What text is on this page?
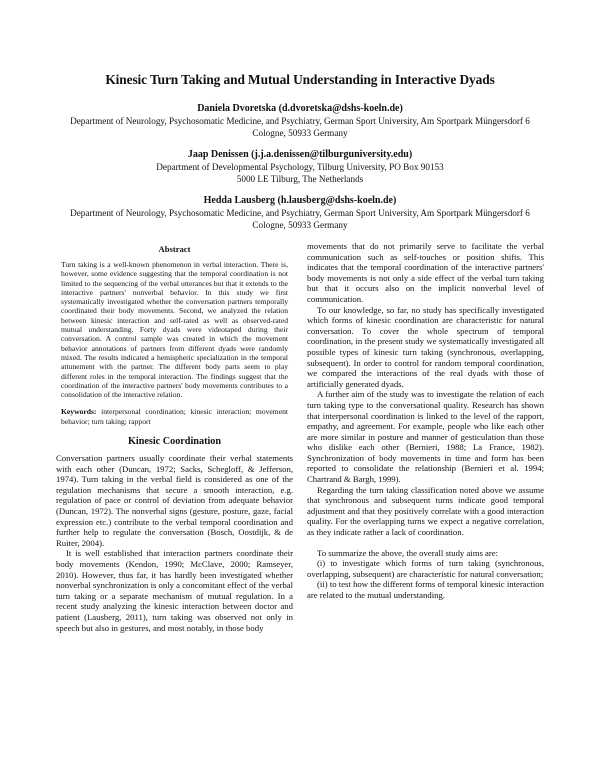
Kinesic Turn Taking and Mutual Understanding in Interactive Dyads
Daniela Dvoretska (d.dvoretska@dshs-koeln.de)
Department of Neurology, Psychosomatic Medicine, and Psychiatry, German Sport University, Am Sportpark Müngersdorf 6
Cologne, 50933 Germany
Jaap Denissen (j.j.a.denissen@tilburguniversity.edu)
Department of Developmental Psychology, Tilburg University, PO Box 90153
5000 LE Tilburg, The Netherlands
Hedda Lausberg (h.lausberg@dshs-koeln.de)
Department of Neurology, Psychosomatic Medicine, and Psychiatry, German Sport University, Am Sportpark Müngersdorf 6
Cologne, 50933 Germany
Abstract

Turn taking is a well-known phenomenon in verbal interaction. There is, however, some evidence suggesting that the temporal coordination is not limited to the sequencing of the verbal utterances but that it extends to the interactive partners' nonverbal behavior. In this study we first systematically investigated whether the conversation partners temporally coordinated their body movements. Second, we analyzed the relation between kinesic interaction and self-rated as well as observed-rated mutual understanding. Forty dyads were videotaped during their conversation. A control sample was created in which the movement behavior annotations of partners from different dyads were randomly mixed. The results indicated a hemispheric specialization in the temporal attunement with the partner. The different body parts seem to play different roles in the temporal interaction. The findings suggest that the coordination of the interactive partners' body movements contributes to a consolidation of the interactive relation.

Keywords: interpersonal coordination; kinesic interaction; movement behavior; turn taking; rapport

Kinesic Coordination

Conversation partners usually coordinate their verbal statements with each other (Duncan, 1972; Sacks, Schegloff, & Jefferson, 1974). Turn taking in the verbal field is considered as one of the regulation mechanisms that secure a smooth interaction, e.g. regulation of pace or control of deviation from adequate behavior (Duncan, 1972). The nonverbal signs (gesture, posture, gaze, facial expression etc.) contribute to the verbal temporal coordination and further help to regulate the conversation (Bosch, Oostdijk, & de Ruiter, 2004).

It is well established that interaction partners coordinate their body movements (Kendon, 1990; McClave, 2000; Ramseyer, 2010). However, thus far, it has hardly been investigated whether nonverbal synchronization is only a concomitant effect of the verbal turn taking or a separate mechanism of mutual regulation. In a recent study analyzing the kinesic interaction between doctor and patient (Lausberg, 2011), turn taking was observed not only in speech but also in gestures, and most notably, in those body

movements that do not primarily serve to facilitate the verbal communication such as self-touches or position shifts. This indicates that the temporal coordination of the interactive partners' body movements is not only a side effect of the verbal turn taking but that it occurs also on the implicit nonverbal level of communication.

To our knowledge, so far, no study has specifically investigated which forms of kinesic coordination are characteristic for natural conversation. To cover the whole spectrum of temporal coordination, in the present study we systematically investigated all possible types of kinesic turn taking (synchronous, overlapping, subsequent). In order to control for random temporal coordination, we compared the interactions of the real dyads with those of artificially generated dyads.

A further aim of the study was to investigate the relation of each turn taking type to the conversational quality. Research has shown that interpersonal coordination is linked to the level of the rapport, empathy, and agreement. For example, people who like each other are more similar in posture and manner of gesticulation than those who dislike each other (Bernieri, 1988; La France, 1982). Synchronization of body movements in time and form has been reported to consolidate the relationship (Bernieri et al. 1994; Chartrand & Bargh, 1999).

Regarding the turn taking classification noted above we assume that synchronous and subsequent turns indicate good temporal adjustment and that they positively correlate with a good interaction quality. For the overlapping turns we expect a negative correlation, as they indicate rather a lack of coordination.

To summarize the above, the overall study aims are:

(i) to investigate which forms of turn taking (synchronous, overlapping, subsequent) are characteristic for natural conversation;

(ii) to test how the different forms of temporal kinesic interaction are related to the mutual understanding.
